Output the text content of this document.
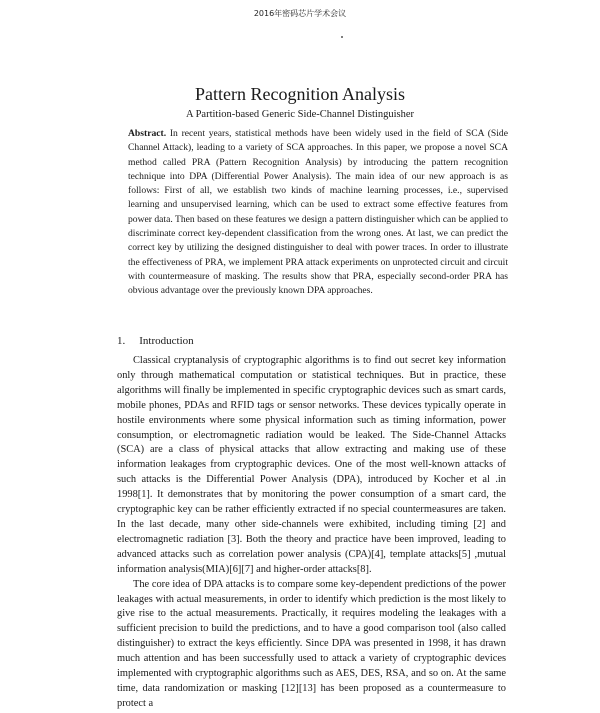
2016年密码芯片学术会议
Pattern Recognition Analysis
A Partition-based Generic Side-Channel Distinguisher
Abstract. In recent years, statistical methods have been widely used in the field of SCA (Side Channel Attack), leading to a variety of SCA approaches. In this paper, we propose a novel SCA method called PRA (Pattern Recognition Analysis) by introducing the pattern recognition technique into DPA (Differential Power Analysis). The main idea of our new approach is as follows: First of all, we establish two kinds of machine learning processes, i.e., supervised learning and unsupervised learning, which can be used to extract some effective features from power data. Then based on these features we design a pattern distinguisher which can be applied to discriminate correct key-dependent classification from the wrong ones. At last, we can predict the correct key by utilizing the designed distinguisher to deal with power traces. In order to illustrate the effectiveness of PRA, we implement PRA attack experiments on unprotected circuit and circuit with countermeasure of masking. The results show that PRA, especially second-order PRA has obvious advantage over the previously known DPA approaches.
1. Introduction

Classical cryptanalysis of cryptographic algorithms is to find out secret key information only through mathematical computation or statistical techniques. But in practice, these algorithms will finally be implemented in specific cryptographic devices such as smart cards, mobile phones, PDAs and RFID tags or sensor networks. These devices typically operate in hostile environments where some physical information such as timing information, power consumption, or electromagnetic radiation would be leaked. The Side-Channel Attacks (SCA) are a class of physical attacks that allow extracting and making use of these information leakages from cryptographic devices. One of the most well-known attacks of such attacks is the Differential Power Analysis (DPA), introduced by Kocher et al .in 1998[1]. It demonstrates that by monitoring the power consumption of a smart card, the cryptographic key can be rather efficiently extracted if no special countermeasures are taken. In the last decade, many other side-channels were exhibited, including timing [2] and electromagnetic radiation [3]. Both the theory and practice have been improved, leading to advanced attacks such as correlation power analysis (CPA)[4], template attacks[5] ,mutual information analysis(MIA)[6][7] and higher-order attacks[8].

The core idea of DPA attacks is to compare some key-dependent predictions of the power leakages with actual measurements, in order to identify which prediction is the most likely to give rise to the actual measurements. Practically, it requires modeling the leakages with a sufficient precision to build the predictions, and to have a good comparison tool (also called distinguisher) to extract the keys efficiently. Since DPA was presented in 1998, it has drawn much attention and has been successfully used to attack a variety of cryptographic devices implemented with cryptographic algorithms such as AES, DES, RSA, and so on. At the same time, data randomization or masking [12][13] has been proposed as a countermeasure to protect a
